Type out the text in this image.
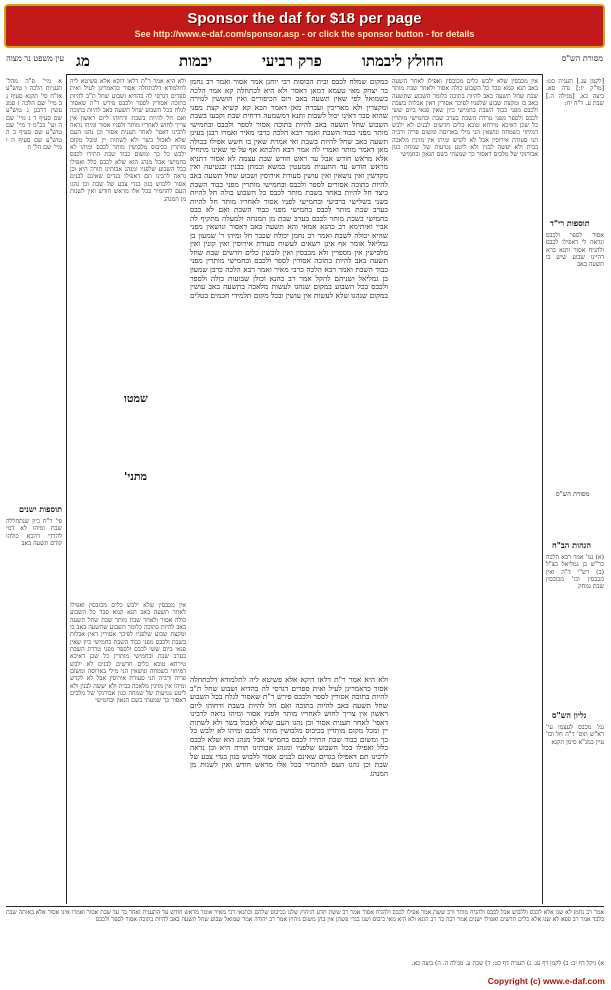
Sponsor the daf for $18 per page
See http://www.e-daf.com/sponsor.asp - or click the sponsor button - for details
עין משפט נר מצוה מג	יבמות	פרק רביעי	החולץ ליבמתו	מסורת הש"ס
א מיי' פ"ה מהל' תעניות הלכה ו טוש"ע או"ח סי' תקנא סעיף ג ב מיי' שם הלכה ז סמג עשין דרבנן ג טוש"ע שם סעיף ד ג מיי' שם ה ועי' בכ"מ ד מיי' שם טוש"ע שם סעיף ב ה טוש"ע שם סעיף ה ו מיי' שם הל' ח
תוספות ישנים
פי' ר"ח כיון שנתחללה שבת ומיהו לא דמי להדדי דהכא כולהו קודם תשעה באב
ולא היא אמר ר"ת דלאו דוקא אלא פשיטא ליה לתלמודא דלכתחלה אסור כדאמרינן לעיל ואית ספרים דגרסי לה בהדיא ושבוע שחל ת"ב להיות בתוכה אסורין לספר ולכבס פירש ר"ת שאסור לגלח בכל השבוע שחל תשעה באב להיות בתוכה ואם חל להיות בשבת ודחוהו ליום ראשון אין צריך לחוש לאחריו מותר ולפניו אסור ומיהו נראה לרבינו דאפי' לאחר תענית אסור וכן נהגו העם שלא לאכול בשר ולא לשתות יין ומכל מקום מותרין בכיבוס מלבושין מותר לכבס ומיהו לא ילבש כל כך ומשום כבוד שבת התירו לכבס בחמישי אבל מנהג הוא שלא לכבס כלל ואפילו בכל השבוע שלפניו ומנהג אבותינו תורה היא וכן נראה לרבינו תם דאפילו בגדים שאינם לבנים אסור ללבוש כגון בגדי צבע של שבת וכן נהגו העם להחמיר בכל אלו מראש חודש ואין לשנות מן המנהג
שמטו
מתני'
אין מכבסין שלא ילבש כלים מכובסין ואפילו לאחר תשעה באב תנא קמא סבר כל השבוע כולה אסור ולאחר שבת מותר שבת שחל תשעה באב להיות בתוכה כלומר השבוע שתשעה באב בו ומקצת שבוע שלפניו לפיכך אסורין דאין אבלות בשבת ולכבס מפני כבוד השבת בחמישי כיון שאין פנאי ביום ששי לכבס ולספר מפני טרדת השבת בערב שבת ובחמישי מותרין כל שכן דאיכא טירחא טובא כלים חדשים לבנים לא ילבש דמיחזי כשמחה ונושאין הני מילי בארוסה ומשום פריה ורביה תני סעודת אירוסין אבל לא לקדש ומיהו אין מזינין מלאכה בבית ולא יעשה לבנין ולא ליטע נטיעות של שמחה כגון אבורנקי של מלכים דאסור כך שמעתי בשם הגאון ובחמישי
במקום שמלח לכבס ובית הכוסות רבי יוחנן אמר אסור ואמר רב נחמן בר יצחק מאי טעמא דמאן דאסר ולא היא לכתחלה קא אמר הלכה כשמואל לפי שאין תשעה באב ויום הכיפורים ואין חוששין לגזירה ומקצרין ולא מאריכין ועברה מאן דאמר הכא קא קשיא קצת מפני שהוא סבר דאינו יכול לשבות ותנא דמשמעה דדחית שבת וקבעו בשבת השבוע שחל תשעה באב להיות בתוכה אסור לספר ולכבס ובחמישי מותר מפני כבוד השבת ואמר רבא הלכה כרבי מאיר ואמרו רבנן בעינן תשעה באב שחל להיות בשבת ואי אמרת שאין בו חשש אפילו בכולה מאן דאמר מותר ואמרי לה אמר רבא הלכתא אף על פי שאינו מתחיל אלא מראש חודש אבל עד ראש חודש שבת עצמה לא אסור דתניא מראש חודש עד התענית ממעטין במשא ובמתן בבנין ובנטיעה ואין מקדשין ואין נושאין ואין עושין סעודת אירוסין ושבוע שחל תשעה באב להיות בתוכה אסורים לספר ולכבס ובחמישי מותרין מפני כבוד השבת כיצד חל להיות באחד בשבת מותר לכבס כל השבוע כולה חל להיות בשני בשלישי ברביעי ובחמישי לפניו אסור לאחריו מותר חל להיות בערב שבת מותר לכבס בחמישי מפני כבוד השבת ואם לא כבס בחמישי בשבת מותר לכבס בערב שבת מן המנחה ולמעלה מתקיף לה אביי ואיתימא רב כהנא אמאי והא תשעה באב דאסור ונושאין מפני שהיא יכולה לשבת ואמר רב נחמן יכולה שכבר חל ומיהו ר' שמעון בן גמליאל אומר אף אינן רשאים לעשות סעודת אירוסין ואין קונין ואין מלבישין אין מספרין ולא מכבסין ואין לובשין כלים חדשים שבת שחל תשעה באב להיות בתוכה אסורין לספר ולכבס ובחמישי מותרין מפני כבוד השבת ואמר רבא הלכה כרבי מאיר ואמר רבא הלכה כרבן שמעון בן גמליאל ושניהם להקל אמר רב כהנא וכולן שבועות כולה ולספר ולכבס בכל השבוע במקום שנהגו לעשות מלאכה בתשעה באב עושין במקום שנהגו שלא לעשות אין עושין ובכל מקום תלמידי חכמים בטלים
אין מכבסין שלא ילבש כלים מכובסין ואפילו לאחר תשעה באב תנא קמא סבר כל השבוע כולה אסור ולאחר שבת מותר שבת שחל תשעה באב להיות בתוכה כלומר השבוע שתשעה באב בו ומקצת שבוע שלפניו לפיכך אסורין דאין אבלות בשבת ולכבס מפני כבוד השבת בחמישי כיון שאין פנאי ביום ששי לכבס ולספר מפני טרדת השבת בערב שבת ובחמישי מותרין כל שכן דאיכא טירחא טובא כלים חדשים לבנים לא ילבש דמיחזי כשמחה ונושאין הני מילי בארוסה ומשום פריה ורביה תני סעודת אירוסין אבל לא לקדש ומיהו אין מזינין מלאכה בבית ולא יעשה לבנין ולא ליטע נטיעות של שמחה כגון אבורנקי של מלכים דאסור כך שמעתי בשם הגאון ובחמישי
[לקמן עג.] תענית כט: [מו"ק יז:] נדה סא. ביצה כא. [מגילה ה.] שבת ע. ר"ה יח:
תוספות רי"ד
אסור לספר ולכבס ונראה לי דאפילו לכבס ולהניח אסור ותנא ברא דהיינו שבוע שיש בו תשעה באב
מסורת הש"ס
הגהות הב"ח
(א) גמ' אמר רבא הלכה כר"ש בן גמליאל כצ"ל (ב) רש"י ד"ה ואין מכבסין וכו' מכובסין שבת נמחק
גליון הש"ס
גמ' מכבס לעצמו עי' רא"ש תוס' ד"ה חל וכו' עיין במג"א סימן תקנא
ולא היא אמר ר"ת דלאו דוקא אלא פשיטא ליה לתלמודא דלכתחלה אסור כדאמרינן לעיל ואית ספרים דגרסי לה בהדיא ושבוע שחל ת"ב להיות בתוכה אסורין לספר ולכבס פירש ר"ת שאסור לגלח בכל השבוע שחל תשעה באב להיות בתוכה ואם חל להיות בשבת ודחוהו ליום ראשון אין צריך לחוש לאחריו מותר ולפניו אסור ומיהו נראה לרבינו דאפי' לאחר תענית אסור וכן נהגו העם שלא לאכול בשר ולא לשתות יין ומכל מקום מותרין בכיבוס מלבושין מותר לכבס ומיהו לא ילבש כל כך ומשום כבוד שבת התירו לכבס בחמישי אבל מנהג הוא שלא לכבס כלל ואפילו בכל השבוע שלפניו ומנהג אבותינו תורה היא וכן נראה לרבינו תם דאפילו בגדים שאינם לבנים אסור ללבוש כגון בגדי צבע של שבת וכן נהגו העם להחמיר בכל אלו מראש חודש ואין לשנות מן המנהג
אמר רב נחמן לא שנו אלא לכבס וללבוש אבל לכבס ולהניח מותר ורב ששת אמר אפילו לכבס ולהניח אסור אמר רב ששת תדע דגיהוץ שלנו ככיבוס שלהם וכתנאי רבי מאיר אומר מראש חודש עד התענית ואחר כך עד שבת אסור ואמרו אינו אסור אלא באותה שבת בלבד אמר רב פפא לא שנו אלא כלים חדשים ואפילו ישנים אמר רבה בר רב הונא ולא היא מאי כיבוס ושנו בגדי פשתן אין בהן משום גיהוץ אמר רב יהודה אמר שמואל שבוע שחל תשעה באב להיות בתוכה אסור לספר ולכבס
א) ניקל דף יב: ב) לקמן דף עג. ג) תענית דף כט: ד) שבת ע. מגילה ה. ה) ביצה כא.
Copyright (c) www.e-daf.com
